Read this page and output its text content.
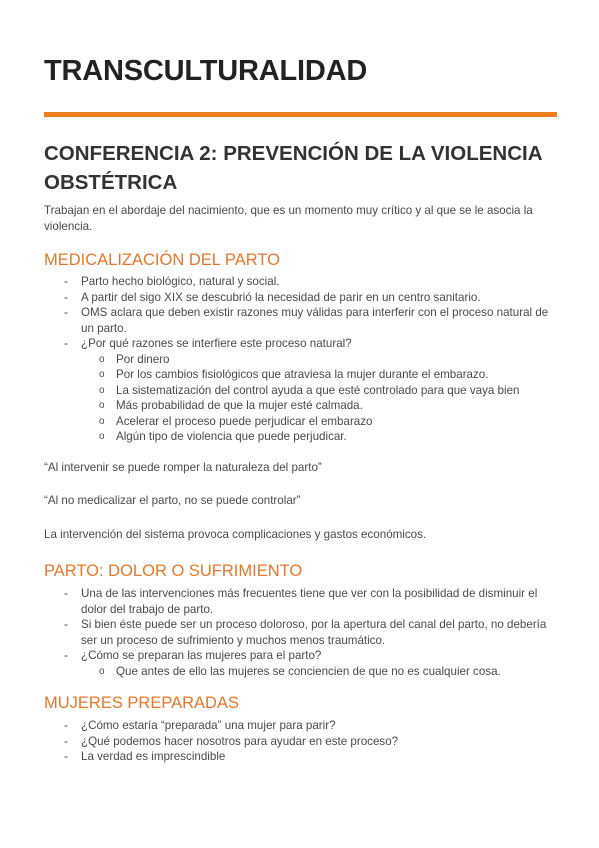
TRANSCULTURALIDAD
CONFERENCIA 2: PREVENCIÓN DE LA VIOLENCIA OBSTÉTRICA

Trabajan en el abordaje del nacimiento, que es un momento muy crítico y al que se le asocia la violencia.

MEDICALIZACIÓN DEL PARTO
- Parto hecho biológico, natural y social.
- A partir del sigo XIX se descubrió la necesidad de parir en un centro sanitario.
- OMS aclara que deben existir razones muy válidas para interferir con el proceso natural de un parto.
- ¿Por qué razones se interfiere este proceso natural?
o Por dinero
o Por los cambios fisiológicos que atraviesa la mujer durante el embarazo.
o La sistematización del control ayuda a que esté controlado para que vaya bien
o Más probabilidad de que la mujer esté calmada.
o Acelerar el proceso puede perjudicar el embarazo
o Algún tipo de violencia que puede perjudicar.

“Al intervenir se puede romper la naturaleza del parto”

“Al no medicalizar el parto, no se puede controlar”

La intervención del sistema provoca complicaciones y gastos económicos.

PARTO: DOLOR O SUFRIMIENTO
- Una de las intervenciones más frecuentes tiene que ver con la posibilidad de disminuir el dolor del trabajo de parto.
- Si bien éste puede ser un proceso doloroso, por la apertura del canal del parto, no debería ser un proceso de sufrimiento y muchos menos traumático.
- ¿Cómo se preparan las mujeres para el parto?
o Que antes de ello las mujeres se conciencien de que no es cualquier cosa.
MUJERES PREPARADAS
- ¿Cómo estaría “preparada” una mujer para parir?
- ¿Qué podemos hacer nosotros para ayudar en este proceso?
- La verdad es imprescindible
